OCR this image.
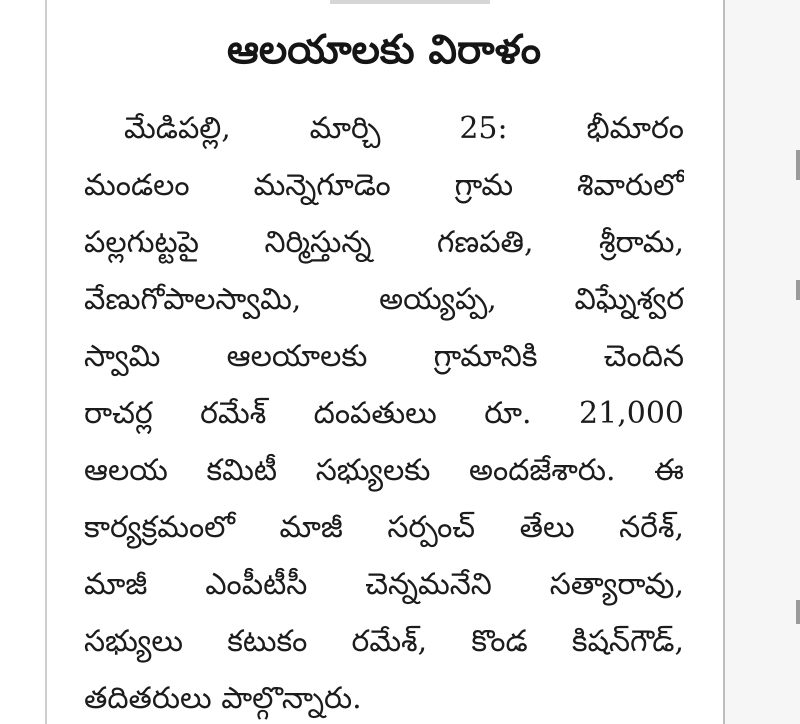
ఆలయాలకు విరాళం
మేడిపల్లి, మార్చి 25: భీమారం
మండలం మన్నెగూడెం గ్రామ శివారులో
పల్లగుట్టపై నిర్మిస్తున్న గణపతి, శ్రీరామ,
వేణుగోపాలస్వామి, అయ్యప్ప, విఘ్నేశ్వర
స్వామి ఆలయాలకు గ్రామానికి చెందిన
రాచర్ల రమేశ్ దంపతులు రూ. 21,000
ఆలయ కమిటీ సభ్యులకు అందజేశారు. ఈ
కార్యక్రమంలో మాజీ సర్పంచ్ తేలు నరేశ్,
మాజీ ఎంపీటీసీ చెన్నమనేని సత్యారావు,
సభ్యులు కటుకం రమేశ్, కొండ కిషన్‌గౌడ్,
తదితరులు పాల్గొన్నారు.
